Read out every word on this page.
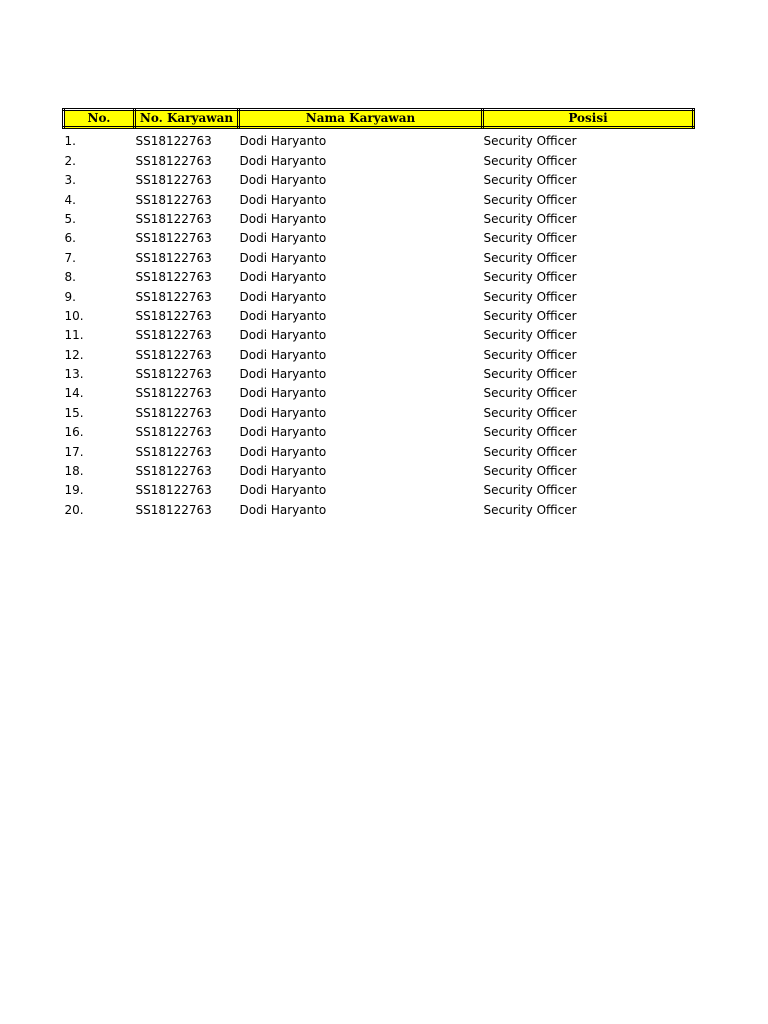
No.	No. Karyawan	Nama Karyawan	Posisi
1.	SS18122763	Dodi Haryanto	Security Officer
2.	SS18122763	Dodi Haryanto	Security Officer
3.	SS18122763	Dodi Haryanto	Security Officer
4.	SS18122763	Dodi Haryanto	Security Officer
5.	SS18122763	Dodi Haryanto	Security Officer
6.	SS18122763	Dodi Haryanto	Security Officer
7.	SS18122763	Dodi Haryanto	Security Officer
8.	SS18122763	Dodi Haryanto	Security Officer
9.	SS18122763	Dodi Haryanto	Security Officer
10.	SS18122763	Dodi Haryanto	Security Officer
11.	SS18122763	Dodi Haryanto	Security Officer
12.	SS18122763	Dodi Haryanto	Security Officer
13.	SS18122763	Dodi Haryanto	Security Officer
14.	SS18122763	Dodi Haryanto	Security Officer
15.	SS18122763	Dodi Haryanto	Security Officer
16.	SS18122763	Dodi Haryanto	Security Officer
17.	SS18122763	Dodi Haryanto	Security Officer
18.	SS18122763	Dodi Haryanto	Security Officer
19.	SS18122763	Dodi Haryanto	Security Officer
20.	SS18122763	Dodi Haryanto	Security Officer
